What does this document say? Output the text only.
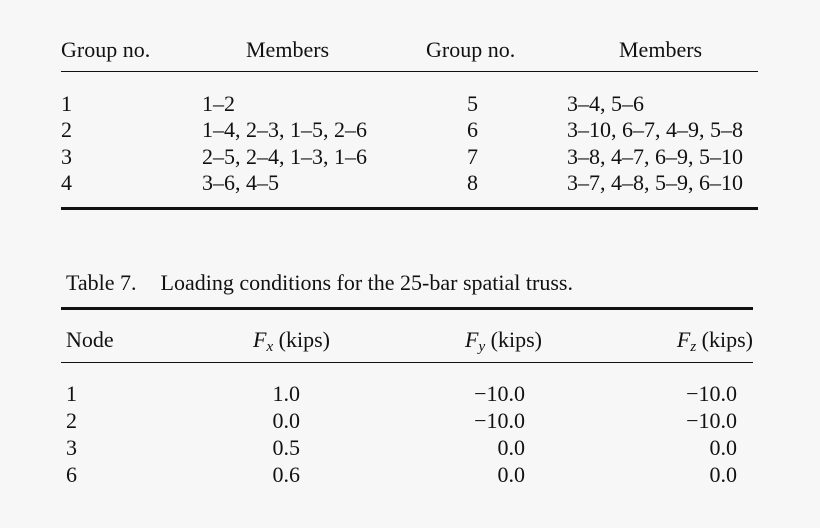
Group no.	Members	Group no.	Members
1	1–2	5	3–4, 5–6
2	1–4, 2–3, 1–5, 2–6	6	3–10, 6–7, 4–9, 5–8
3	2–5, 2–4, 1–3, 1–6	7	3–8, 4–7, 6–9, 5–10
4	3–6, 4–5	8	3–7, 4–8, 5–9, 6–10
Table 7. Loading conditions for the 25-bar spatial truss.
Node	$F_x$ (kips)	$F_y$ (kips)	$F_z$ (kips)
1	1.0	−10.0	−10.0
2	0.0	−10.0	−10.0
3	0.5	0.0	0.0
6	0.6	0.0	0.0
